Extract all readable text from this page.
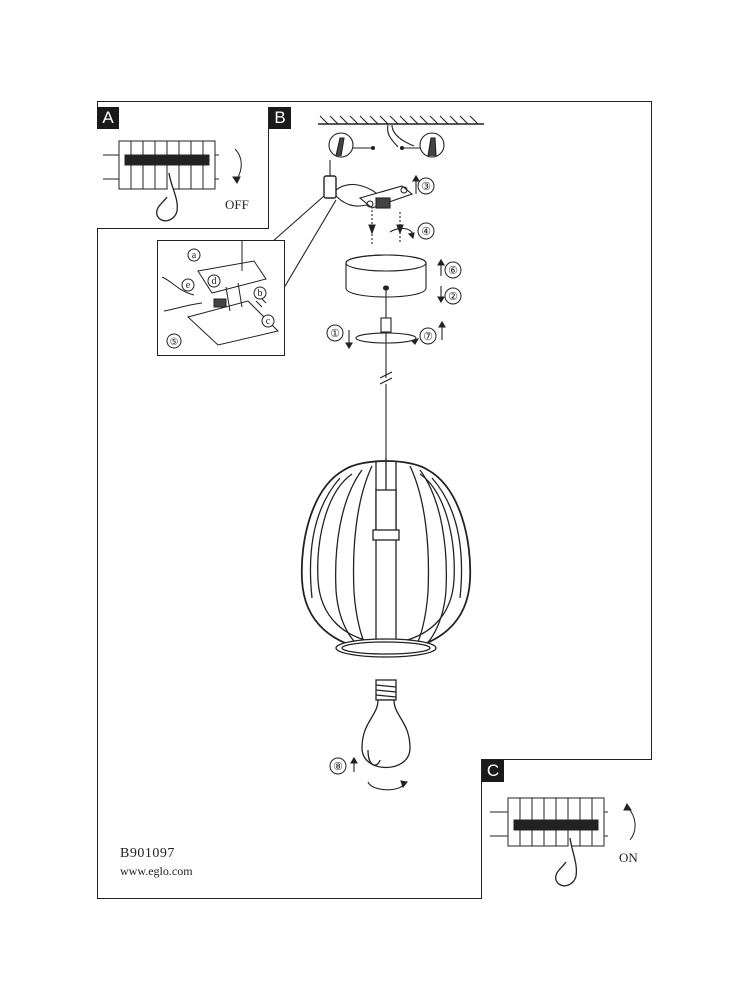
③
④
⑥
②
①	⑦
⑧
A
OFF
B
a
b
c
d
e
⑤
C
ON
B901097
www.eglo.com
